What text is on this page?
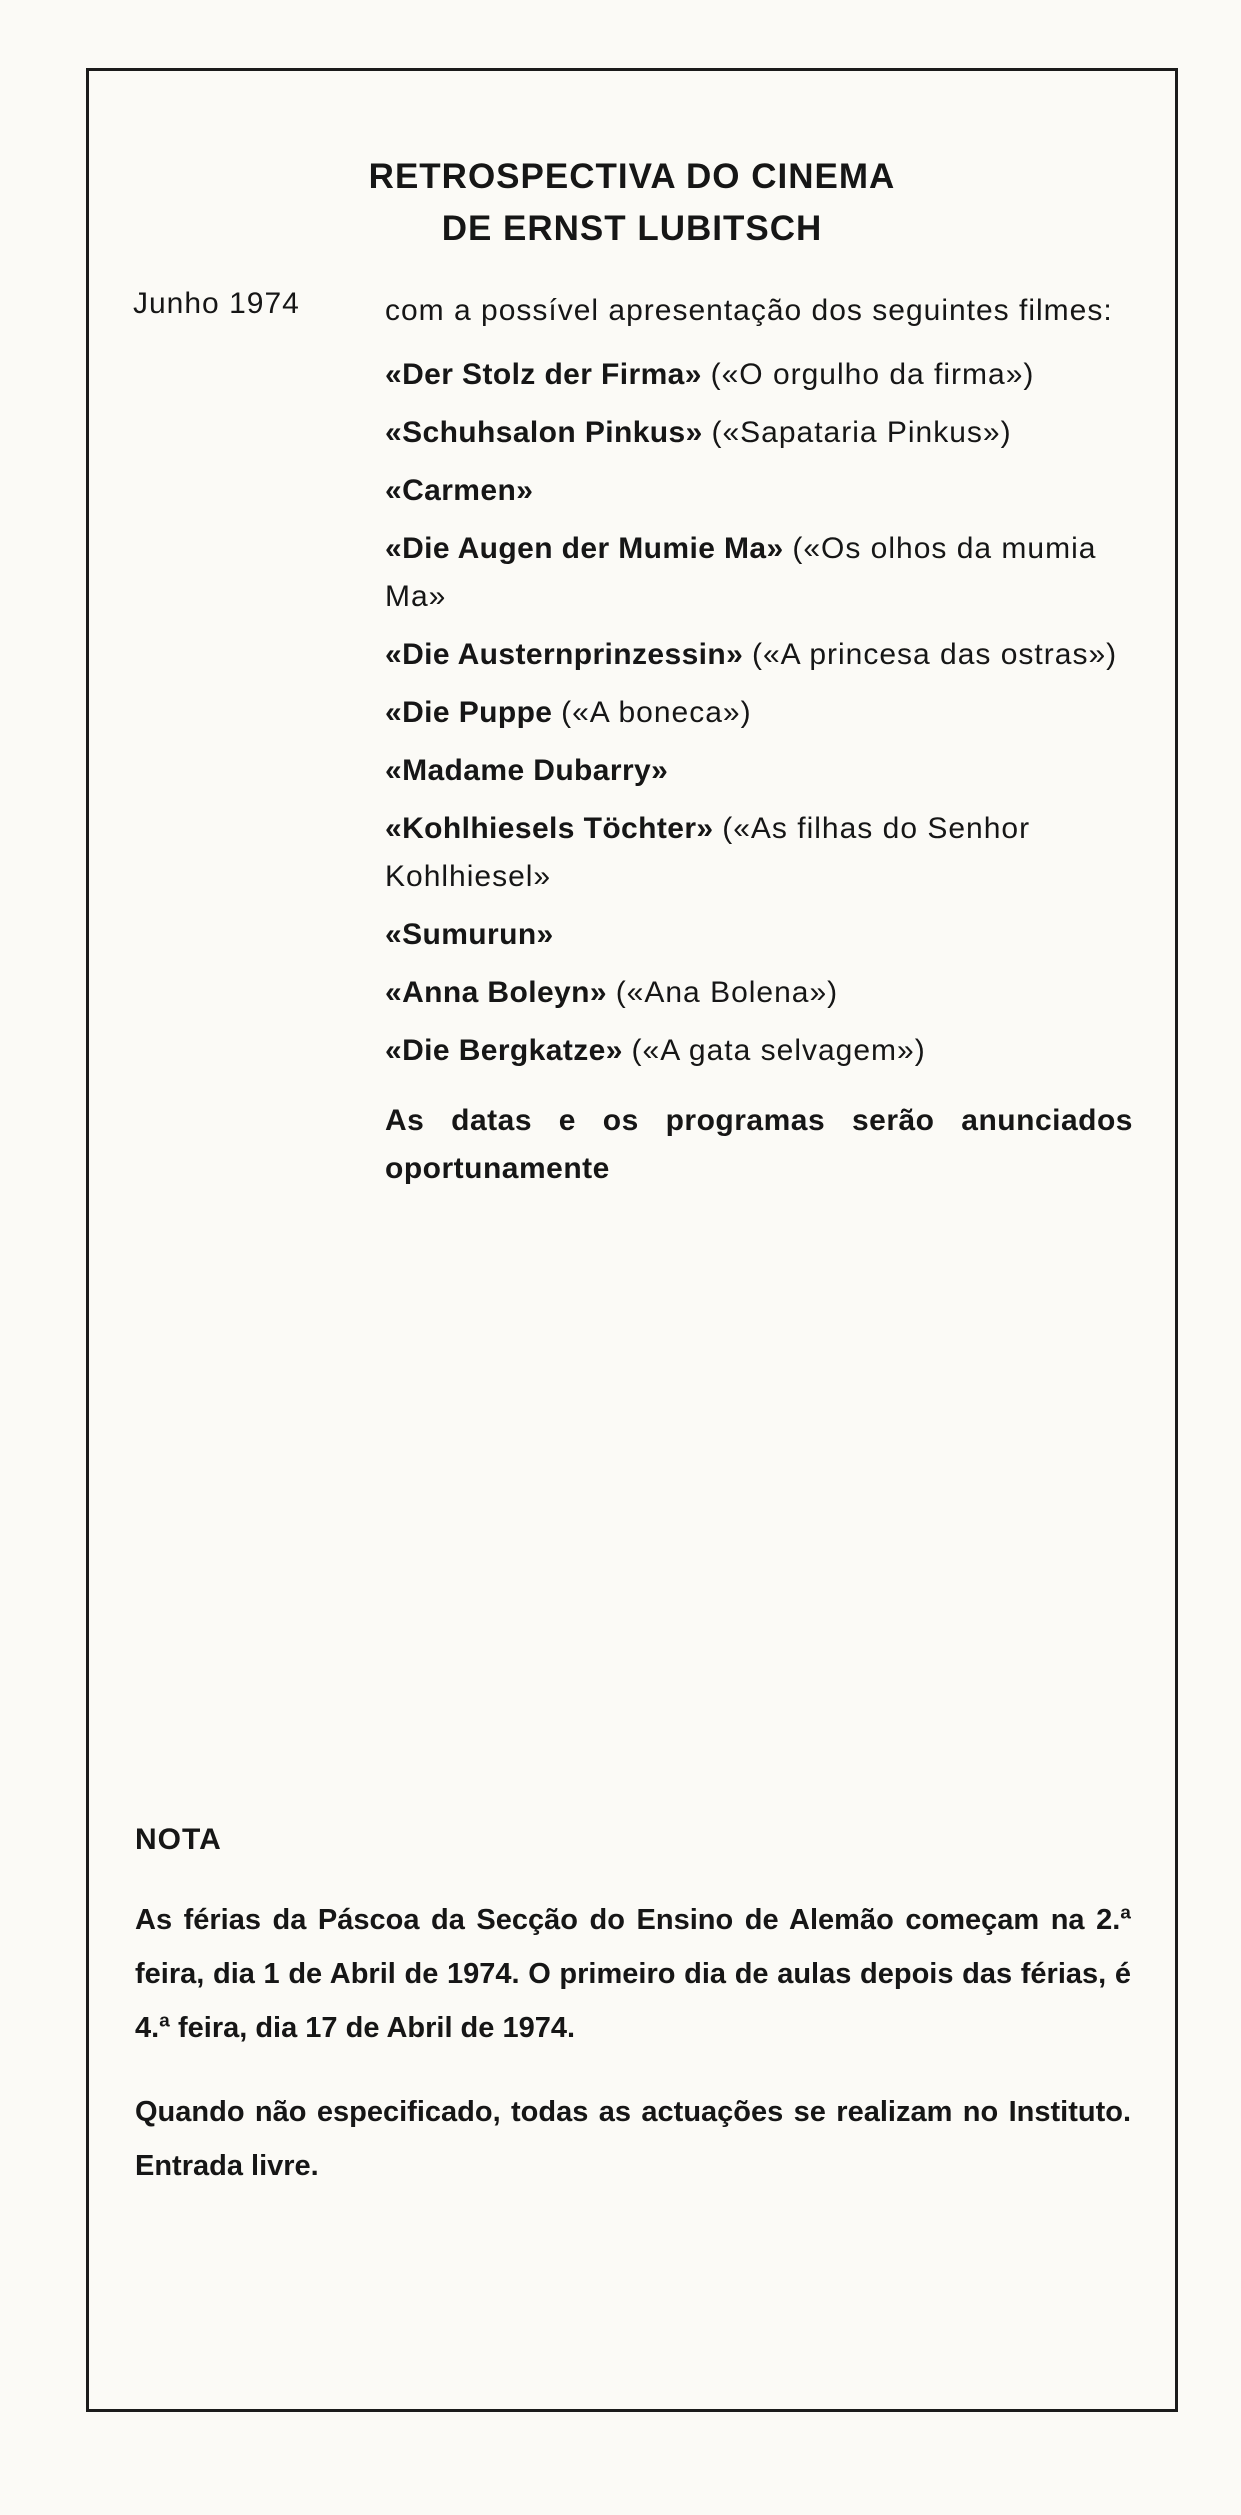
RETROSPECTIVA DO CINEMA
DE ERNST LUBITSCH
Junho 1974	com a possível apresentação dos seguintes filmes:
«Der Stolz der Firma» («O orgulho da firma»)
«Schuhsalon Pinkus» («Sapataria Pinkus»)
«Carmen»
«Die Augen der Mumie Ma» («Os olhos da mumia Ma»
«Die Austernprinzessin» («A princesa das ostras»)
«Die Puppe («A boneca»)
«Madame Dubarry»
«Kohlhiesels Töchter» («As filhas do Senhor Kohlhiesel»
«Sumurun»
«Anna Boleyn» («Ana Bolena»)
«Die Bergkatze» («A gata selvagem»)
As datas e os programas serão anunciados oportunamente
NOTA

As férias da Páscoa da Secção do Ensino de Alemão começam na 2.ª feira, dia 1 de Abril de 1974. O primeiro dia de aulas depois das férias, é 4.ª feira, dia 17 de Abril de 1974.

Quando não especificado, todas as actuações se realizam no Instituto. Entrada livre.
